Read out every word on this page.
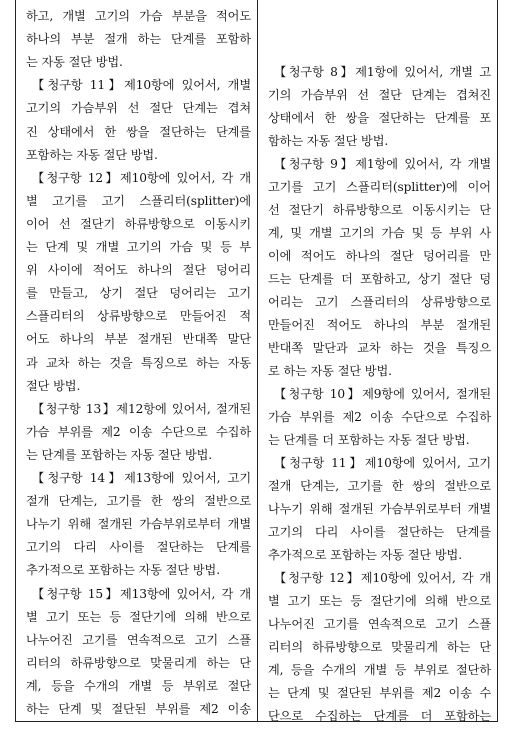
하고, 개별 고기의 가슴 부분을 적어도
하나의 부분 절개 하는 단계를 포함하
는 자동 절단 방법.
【청구항 11】제10항에 있어서, 개별
고기의 가슴부위 선 절단 단계는 겹쳐
진 상태에서 한 쌍을 절단하는 단계를
포함하는 자동 절단 방법.
【청구항 12】제10항에 있어서, 각 개
별 고기를 고기 스플리터(splitter)에
이어 선 절단기 하류방향으로 이동시키
는 단계 및 개별 고기의 가슴 및 등 부
위 사이에 적어도 하나의 절단 덩어리
를 만들고, 상기 절단 덩어리는 고기
스플리터의 상류방향으로 만들어진 적
어도 하나의 부분 절개된 반대쪽 말단
과 교차 하는 것을 특징으로 하는 자동
절단 방법.
【청구항 13】제12항에 있어서, 절개된
가슴 부위를 제2 이송 수단으로 수집하
는 단계를 포함하는 자동 절단 방법.
【청구항 14】제13항에 있어서, 고기
절개 단계는, 고기를 한 쌍의 절반으로
나누기 위해 절개된 가슴부위로부터 개별
고기의 다리 사이를 절단하는 단계를
추가적으로 포함하는 자동 절단 방법.
【청구항 15】제13항에 있어서, 각 개
별 고기 또는 등 절단기에 의해 반으로
나누어진 고기를 연속적으로 고기 스플
리터의 하류방향으로 맞물리게 하는 단
계, 등을 수개의 개별 등 부위로 절단
하는 단계 및 절단된 부위를 제2 이송
【청구항 8】제1항에 있어서, 개별 고
기의 가슴부위 선 절단 단계는 겹쳐진
상태에서 한 쌍을 절단하는 단계를 포
함하는 자동 절단 방법.
【청구항 9】제1항에 있어서, 각 개별
고기를 고기 스플리터(splitter)에 이어
선 절단기 하류방향으로 이동시키는 단
계, 및 개별 고기의 가슴 및 등 부위 사
이에 적어도 하나의 절단 덩어리를 만
드는 단계를 더 포함하고, 상기 절단 덩
어리는 고기 스플리터의 상류방향으로
만들어진 적어도 하나의 부분 절개된
반대쪽 말단과 교차 하는 것을 특징으
로 하는 자동 절단 방법.
【청구항 10】제9항에 있어서, 절개된
가슴 부위를 제2 이송 수단으로 수집하
는 단계를 더 포함하는 자동 절단 방법.
【청구항 11】제10항에 있어서, 고기
절개 단계는, 고기를 한 쌍의 절반으로
나누기 위해 절개된 가슴부위로부터 개별
고기의 다리 사이를 절단하는 단계를
추가적으로 포함하는 자동 절단 방법.
【청구항 12】제10항에 있어서, 각 개
별 고기 또는 등 절단기에 의해 반으로
나누어진 고기를 연속적으로 고기 스플
리터의 하류방향으로 맞물리게 하는 단
계, 등을 수개의 개별 등 부위로 절단하
는 단계 및 절단된 부위를 제2 이송 수
단으로 수집하는 단계를 더 포함하는
